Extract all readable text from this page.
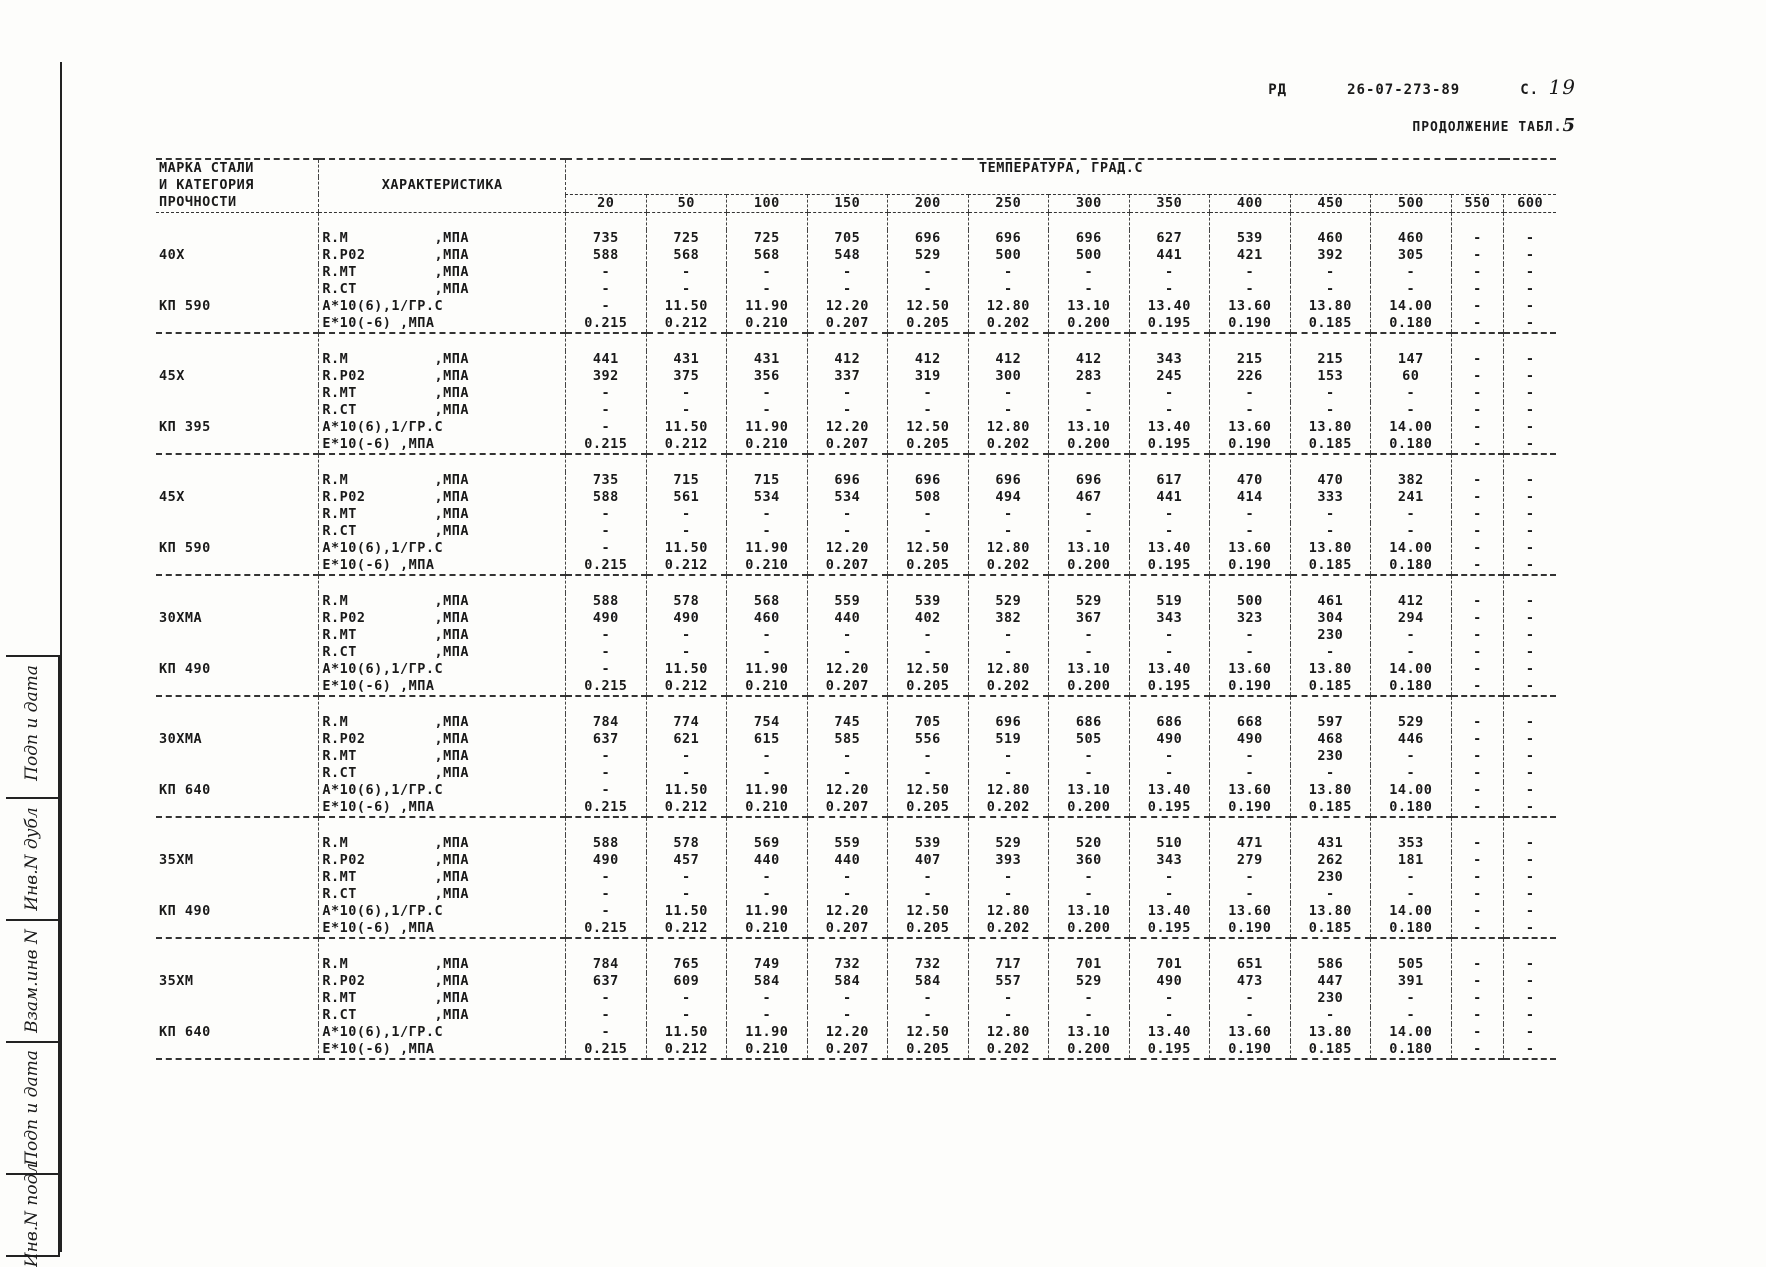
Инв.N подл
Подп и дата
Взам.инв N
Инв.N дубл
Подп и дата
РД	26-07-273-89	С. 19
ПРОДОЛЖЕНИЕ ТАБЛ.5
МАРКА СТАЛИ		ТЕМПЕРАТУРА, ГРАД.С												
И КАТЕГОРИЯ	ХАРАКТЕРИСТИКА													
ПРОЧНОСТИ		20	50	100	150	200	250	300	350	400	450	500	550	600

	R.M          ,МПА	735	725	725	705	696	696	696	627	539	460	460	-	-
40Х	R.P02        ,МПА	588	568	568	548	529	500	500	441	421	392	305	-	-
	R.MT         ,МПА	-	-	-	-	-	-	-	-	-	-	-	-	-
	R.CT         ,МПА	-	-	-	-	-	-	-	-	-	-	-	-	-
КП 590	A*10(6),1/ГР.С	-	11.50	11.90	12.20	12.50	12.80	13.10	13.40	13.60	13.80	14.00	-	-
	E*10(-6) ,МПА	0.215	0.212	0.210	0.207	0.205	0.202	0.200	0.195	0.190	0.185	0.180	-	-

	R.M          ,МПА	441	431	431	412	412	412	412	343	215	215	147	-	-
45Х	R.P02        ,МПА	392	375	356	337	319	300	283	245	226	153	60	-	-
	R.MT         ,МПА	-	-	-	-	-	-	-	-	-	-	-	-	-
	R.CT         ,МПА	-	-	-	-	-	-	-	-	-	-	-	-	-
КП 395	A*10(6),1/ГР.С	-	11.50	11.90	12.20	12.50	12.80	13.10	13.40	13.60	13.80	14.00	-	-
	E*10(-6) ,МПА	0.215	0.212	0.210	0.207	0.205	0.202	0.200	0.195	0.190	0.185	0.180	-	-

	R.M          ,МПА	735	715	715	696	696	696	696	617	470	470	382	-	-
45Х	R.P02        ,МПА	588	561	534	534	508	494	467	441	414	333	241	-	-
	R.MT         ,МПА	-	-	-	-	-	-	-	-	-	-	-	-	-
	R.CT         ,МПА	-	-	-	-	-	-	-	-	-	-	-	-	-
КП 590	A*10(6),1/ГР.С	-	11.50	11.90	12.20	12.50	12.80	13.10	13.40	13.60	13.80	14.00	-	-
	E*10(-6) ,МПА	0.215	0.212	0.210	0.207	0.205	0.202	0.200	0.195	0.190	0.185	0.180	-	-

	R.M          ,МПА	588	578	568	559	539	529	529	519	500	461	412	-	-
30ХМА	R.P02        ,МПА	490	490	460	440	402	382	367	343	323	304	294	-	-
	R.MT         ,МПА	-	-	-	-	-	-	-	-	-	230	-	-	-
	R.CT         ,МПА	-	-	-	-	-	-	-	-	-	-	-	-	-
КП 490	A*10(6),1/ГР.С	-	11.50	11.90	12.20	12.50	12.80	13.10	13.40	13.60	13.80	14.00	-	-
	E*10(-6) ,МПА	0.215	0.212	0.210	0.207	0.205	0.202	0.200	0.195	0.190	0.185	0.180	-	-

	R.M          ,МПА	784	774	754	745	705	696	686	686	668	597	529	-	-
30ХМА	R.P02        ,МПА	637	621	615	585	556	519	505	490	490	468	446	-	-
	R.MT         ,МПА	-	-	-	-	-	-	-	-	-	230	-	-	-
	R.CT         ,МПА	-	-	-	-	-	-	-	-	-	-	-	-	-
КП 640	A*10(6),1/ГР.С	-	11.50	11.90	12.20	12.50	12.80	13.10	13.40	13.60	13.80	14.00	-	-
	E*10(-6) ,МПА	0.215	0.212	0.210	0.207	0.205	0.202	0.200	0.195	0.190	0.185	0.180	-	-

	R.M          ,МПА	588	578	569	559	539	529	520	510	471	431	353	-	-
35ХМ	R.P02        ,МПА	490	457	440	440	407	393	360	343	279	262	181	-	-
	R.MT         ,МПА	-	-	-	-	-	-	-	-	-	230	-	-	-
	R.CT         ,МПА	-	-	-	-	-	-	-	-	-	-	-	-	-
КП 490	A*10(6),1/ГР.С	-	11.50	11.90	12.20	12.50	12.80	13.10	13.40	13.60	13.80	14.00	-	-
	E*10(-6) ,МПА	0.215	0.212	0.210	0.207	0.205	0.202	0.200	0.195	0.190	0.185	0.180	-	-

	R.M          ,МПА	784	765	749	732	732	717	701	701	651	586	505	-	-
35ХМ	R.P02        ,МПА	637	609	584	584	584	557	529	490	473	447	391	-	-
	R.MT         ,МПА	-	-	-	-	-	-	-	-	-	230	-	-	-
	R.CT         ,МПА	-	-	-	-	-	-	-	-	-	-	-	-	-
КП 640	A*10(6),1/ГР.С	-	11.50	11.90	12.20	12.50	12.80	13.10	13.40	13.60	13.80	14.00	-	-
	E*10(-6) ,МПА	0.215	0.212	0.210	0.207	0.205	0.202	0.200	0.195	0.190	0.185	0.180	-	-
